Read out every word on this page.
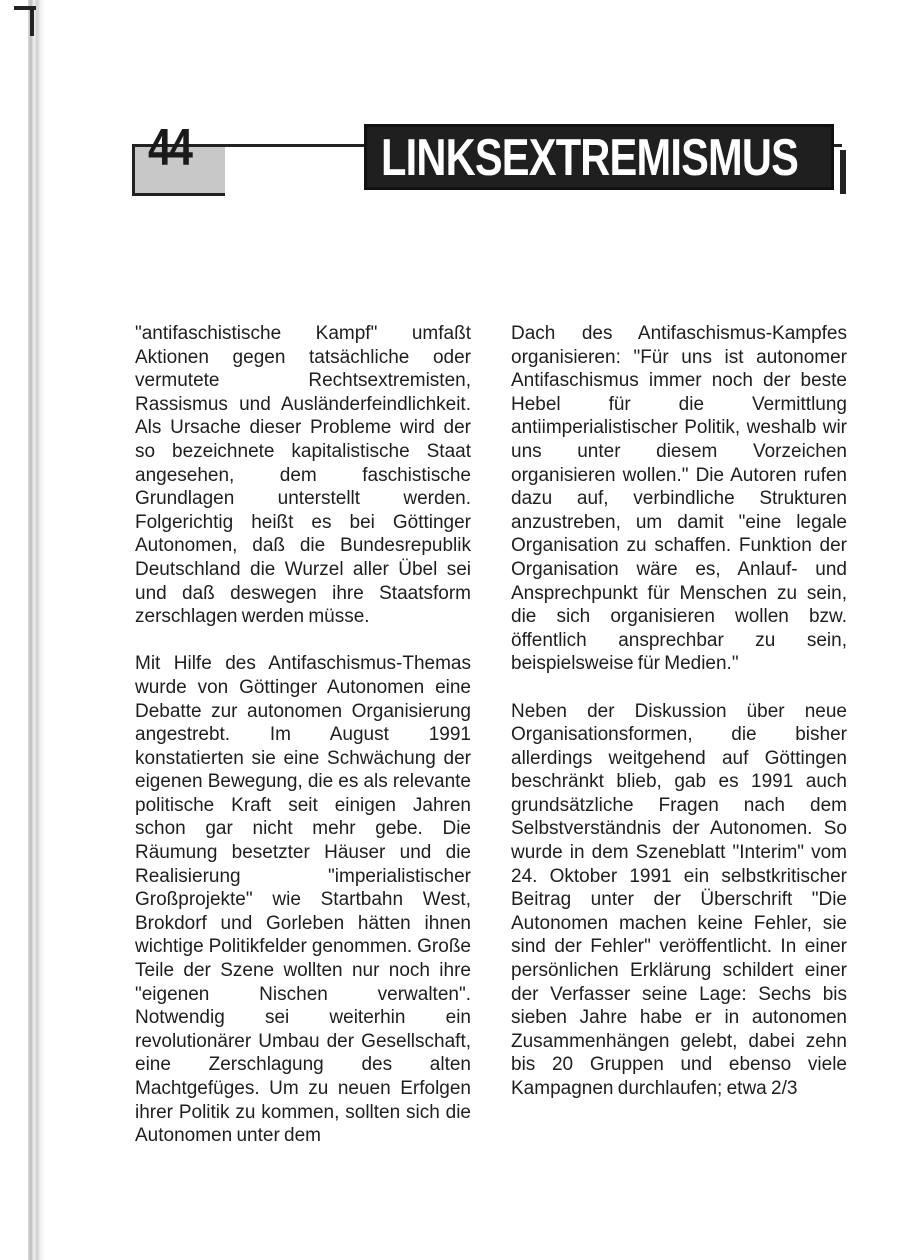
44	LINKSEXTREMISMUS

"antifaschistische Kampf" umfaßt Aktionen gegen tatsächliche oder vermutete Rechtsextremisten, Rassismus und Ausländerfeindlichkeit. Als Ursache dieser Probleme wird der so bezeichnete kapitalistische Staat angesehen, dem faschistische Grundlagen unterstellt werden. Folgerichtig heißt es bei Göttinger Autonomen, daß die Bundesrepublik Deutschland die Wurzel aller Übel sei und daß deswegen ihre Staatsform zerschlagen werden müsse.

Mit Hilfe des Antifaschismus-Themas wurde von Göttinger Autonomen eine Debatte zur autonomen Organisierung angestrebt. Im August 1991 konstatierten sie eine Schwächung der eigenen Bewegung, die es als relevante politische Kraft seit einigen Jahren schon gar nicht mehr gebe. Die Räumung besetzter Häuser und die Realisierung "imperialistischer Großprojekte" wie Startbahn West, Brokdorf und Gorleben hätten ihnen wichtige Politikfelder genommen. Große Teile der Szene wollten nur noch ihre "eigenen Nischen verwalten". Notwendig sei weiterhin ein revolutionärer Umbau der Gesellschaft, eine Zerschlagung des alten Machtgefüges. Um zu neuen Erfolgen ihrer Politik zu kommen, sollten sich die Autonomen unter dem

Dach des Antifaschismus-Kampfes organisieren: "Für uns ist autonomer Antifaschismus immer noch der beste Hebel für die Vermittlung antiimperialistischer Politik, weshalb wir uns unter diesem Vorzeichen organisieren wollen." Die Autoren rufen dazu auf, verbindliche Strukturen anzustreben, um damit "eine legale Organisation zu schaffen. Funktion der Organisation wäre es, Anlauf- und Ansprechpunkt für Menschen zu sein, die sich organisieren wollen bzw. öffentlich ansprechbar zu sein, beispielsweise für Medien."

Neben der Diskussion über neue Organisationsformen, die bisher allerdings weitgehend auf Göttingen beschränkt blieb, gab es 1991 auch grundsätzliche Fragen nach dem Selbstverständnis der Autonomen. So wurde in dem Szeneblatt "Interim" vom 24. Oktober 1991 ein selbstkritischer Beitrag unter der Überschrift "Die Autonomen machen keine Fehler, sie sind der Fehler" veröffentlicht. In einer persönlichen Erklärung schildert einer der Verfasser seine Lage: Sechs bis sieben Jahre habe er in autonomen Zusammenhängen gelebt, dabei zehn bis 20 Gruppen und ebenso viele Kampagnen durchlaufen; etwa 2/3
